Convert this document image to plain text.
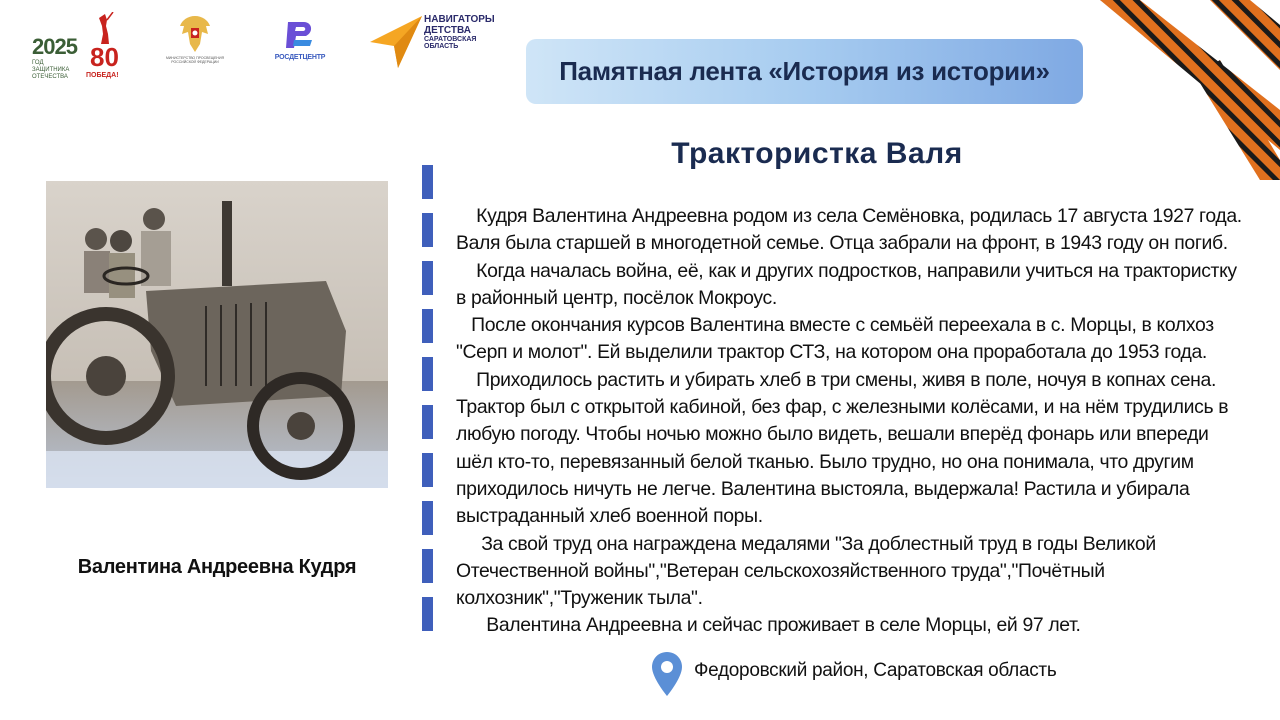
2025
ГОД ЗАЩИТНИКА ОТЕЧЕСТВА
80
ПОБЕДА!
МИНИСТЕРСТВО ПРОСВЕЩЕНИЯ РОССИЙСКОЙ ФЕДЕРАЦИИ
РОСДЕТЦЕНТР
НАВИГАТОРЫ ДЕТСТВА
САРАТОВСКАЯ ОБЛАСТЬ
Памятная лента «История из истории»
Валентина Андреевна Кудря
Трактористка Валя

Кудря Валентина Андреевна родом из села Семёновка, родилась 17 августа 1927 года.
Валя была старшей в многодетной семье. Отца забрали на фронт, в 1943 году он погиб.

Когда началась война, её, как и других подростков, направили учиться на трактористку
в районный центр, посёлок Мокроус.

После окончания курсов Валентина вместе с семьёй переехала в с. Морцы, в колхоз
"Серп и молот". Ей выделили трактор СТЗ, на котором она проработала до 1953 года.

Приходилось растить и убирать хлеб в три смены, живя в поле, ночуя в копнах сена.
Трактор был с открытой кабиной, без фар, с железными колёсами, и на нём трудились в
любую погоду. Чтобы ночью можно было видеть, вешали вперёд фонарь или впереди
шёл кто-то, перевязанный белой тканью. Было трудно, но она понимала, что другим
приходилось ничуть не легче. Валентина выстояла, выдержала! Растила и убирала
выстраданный хлеб военной поры.

За свой труд она награждена медалями "За доблестный труд в годы Великой
Отечественной войны","Ветеран сельскохозяйственного труда","Почётный
колхозник","Труженик тыла".

Валентина Андреевна и сейчас проживает в селе Морцы, ей 97 лет.

Федоровский район, Саратовская область
